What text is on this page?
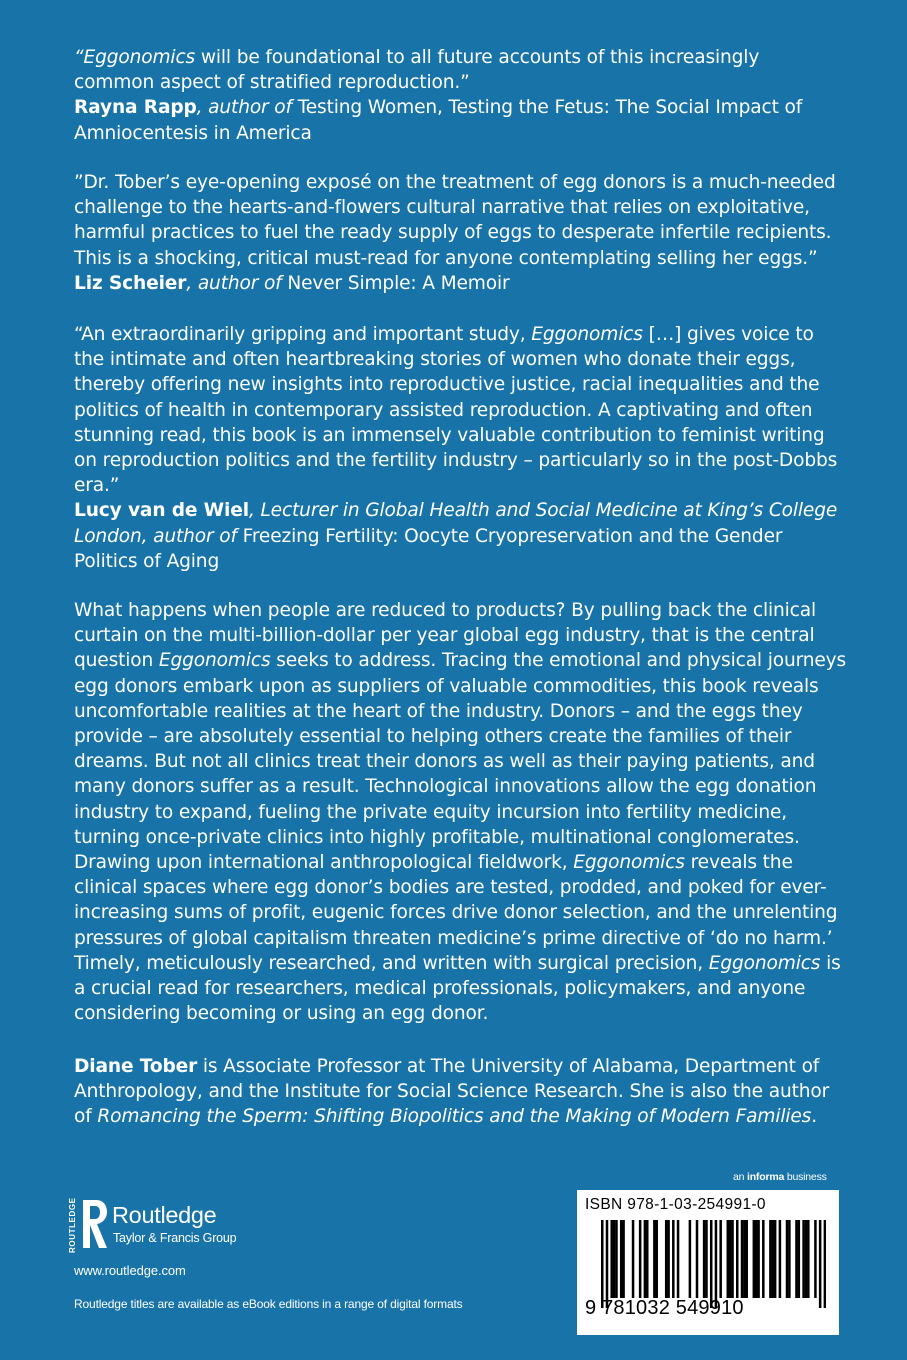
“Eggonomics will be foundational to all future accounts of this increasingly common aspect of stratified reproduction.”

Rayna Rapp, author of Testing Women, Testing the Fetus: The Social Impact of Amniocentesis in America

”Dr. Tober’s eye-opening exposé on the treatment of egg donors is a much-needed challenge to the hearts-and-flowers cultural narrative that relies on exploitative, harmful practices to fuel the ready supply of eggs to desperate infertile recipients. This is a shocking, critical must-read for anyone contemplating selling her eggs.”

Liz Scheier, author of Never Simple: A Memoir

“An extraordinarily gripping and important study, Eggonomics […] gives voice to the intimate and often heartbreaking stories of women who donate their eggs, thereby offering new insights into reproductive justice, racial inequalities and the politics of health in contemporary assisted reproduction. A captivating and often stunning read, this book is an immensely valuable contribution to feminist writing on reproduction politics and the fertility industry – particularly so in the post-Dobbs era.”

Lucy van de Wiel, Lecturer in Global Health and Social Medicine at King’s College London, author of Freezing Fertility: Oocyte Cryopreservation and the Gender Politics of Aging

What happens when people are reduced to products? By pulling back the clinical curtain on the multi-billion-dollar per year global egg industry, that is the central question Eggonomics seeks to address. Tracing the emotional and physical journeys egg donors embark upon as suppliers of valuable commodities, this book reveals uncomfortable realities at the heart of the industry. Donors – and the eggs they provide – are absolutely essential to helping others create the families of their dreams. But not all clinics treat their donors as well as their paying patients, and many donors suffer as a result. Technological innovations allow the egg donation industry to expand, fueling the private equity incursion into fertility medicine, turning once-private clinics into highly profitable, multinational conglomerates. Drawing upon international anthropological fieldwork, Eggonomics reveals the clinical spaces where egg donor’s bodies are tested, prodded, and poked for ever-increasing sums of profit, eugenic forces drive donor selection, and the unrelenting pressures of global capitalism threaten medicine’s prime directive of ‘do no harm.’ Timely, meticulously researched, and written with surgical precision, Eggonomics is a crucial read for researchers, medical professionals, policymakers, and anyone considering becoming or using an egg donor.

Diane Tober is Associate Professor at The University of Alabama, Department of Anthropology, and the Institute for Social Science Research. She is also the author of Romancing the Sperm: Shifting Biopolitics and the Making of Modern Families.

an informa business
ROUTLEDGE Routledge
Taylor & Francis Group
www.routledge.com
Routledge titles are available as eBook editions in a range of digital formats
ISBN 978-1-03-254991-0
9 781032 549910
